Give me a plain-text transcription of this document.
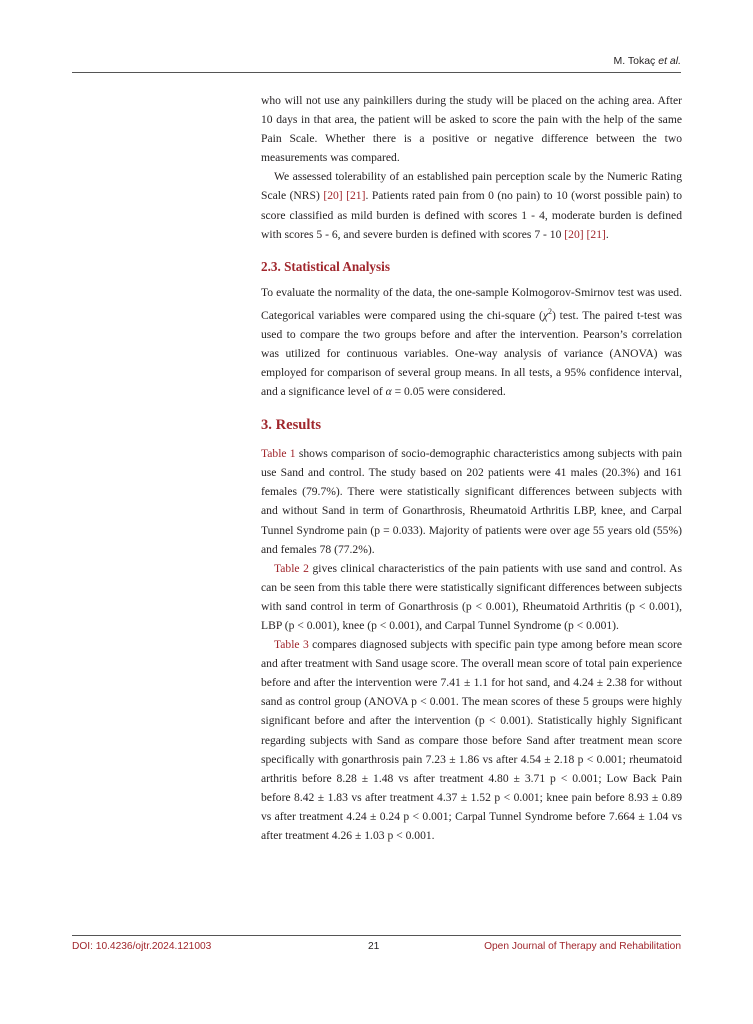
M. Tokaç et al.

who will not use any painkillers during the study will be placed on the aching area. After 10 days in that area, the patient will be asked to score the pain with the help of the same Pain Scale. Whether there is a positive or negative difference between the two measurements was compared.

We assessed tolerability of an established pain perception scale by the Numeric Rating Scale (NRS) [20] [21]. Patients rated pain from 0 (no pain) to 10 (worst possible pain) to score classified as mild burden is defined with scores 1 - 4, moderate burden is defined with scores 5 - 6, and severe burden is defined with scores 7 - 10 [20] [21].

2.3. Statistical Analysis

To evaluate the normality of the data, the one-sample Kolmogorov-Smirnov test was used. Categorical variables were compared using the chi-square $(\chi^2)$ test. The paired t-test was used to compare the two groups before and after the intervention. Pearson’s correlation was utilized for continuous variables. One-way analysis of variance (ANOVA) was employed for comparison of several group means. In all tests, a 95% confidence interval, and a significance level of α = 0.05 were considered.

3. Results

Table 1 shows comparison of socio-demographic characteristics among subjects with pain use Sand and control. The study based on 202 patients were 41 males (20.3%) and 161 females (79.7%). There were statistically significant differences between subjects with and without Sand in term of Gonarthrosis, Rheumatoid Arthritis LBP, knee, and Carpal Tunnel Syndrome pain (p = 0.033). Majority of patients were over age 55 years old (55%) and females 78 (77.2%).

Table 2 gives clinical characteristics of the pain patients with use sand and control. As can be seen from this table there were statistically significant differences between subjects with sand control in term of Gonarthrosis (p < 0.001), Rheumatoid Arthritis (p < 0.001), LBP (p < 0.001), knee (p < 0.001), and Carpal Tunnel Syndrome (p < 0.001).

Table 3 compares diagnosed subjects with specific pain type among before mean score and after treatment with Sand usage score. The overall mean score of total pain experience before and after the intervention were 7.41 ± 1.1 for hot sand, and 4.24 ± 2.38 for without sand as control group (ANOVA p < 0.001. The mean scores of these 5 groups were highly significant before and after the intervention (p < 0.001). Statistically highly Significant regarding subjects with Sand as compare those before Sand after treatment mean score specifically with gonarthrosis pain 7.23 ± 1.86 vs after 4.54 ± 2.18 p < 0.001; rheumatoid arthritis before 8.28 ± 1.48 vs after treatment 4.80 ± 3.71 p < 0.001; Low Back Pain before 8.42 ± 1.83 vs after treatment 4.37 ± 1.52 p < 0.001; knee pain before 8.93 ± 0.89 vs after treatment 4.24 ± 0.24 p < 0.001; Carpal Tunnel Syndrome before 7.664 ± 1.04 vs after treatment 4.26 ± 1.03 p < 0.001.

DOI: 10.4236/ojtr.2024.121003	21	Open Journal of Therapy and Rehabilitation
